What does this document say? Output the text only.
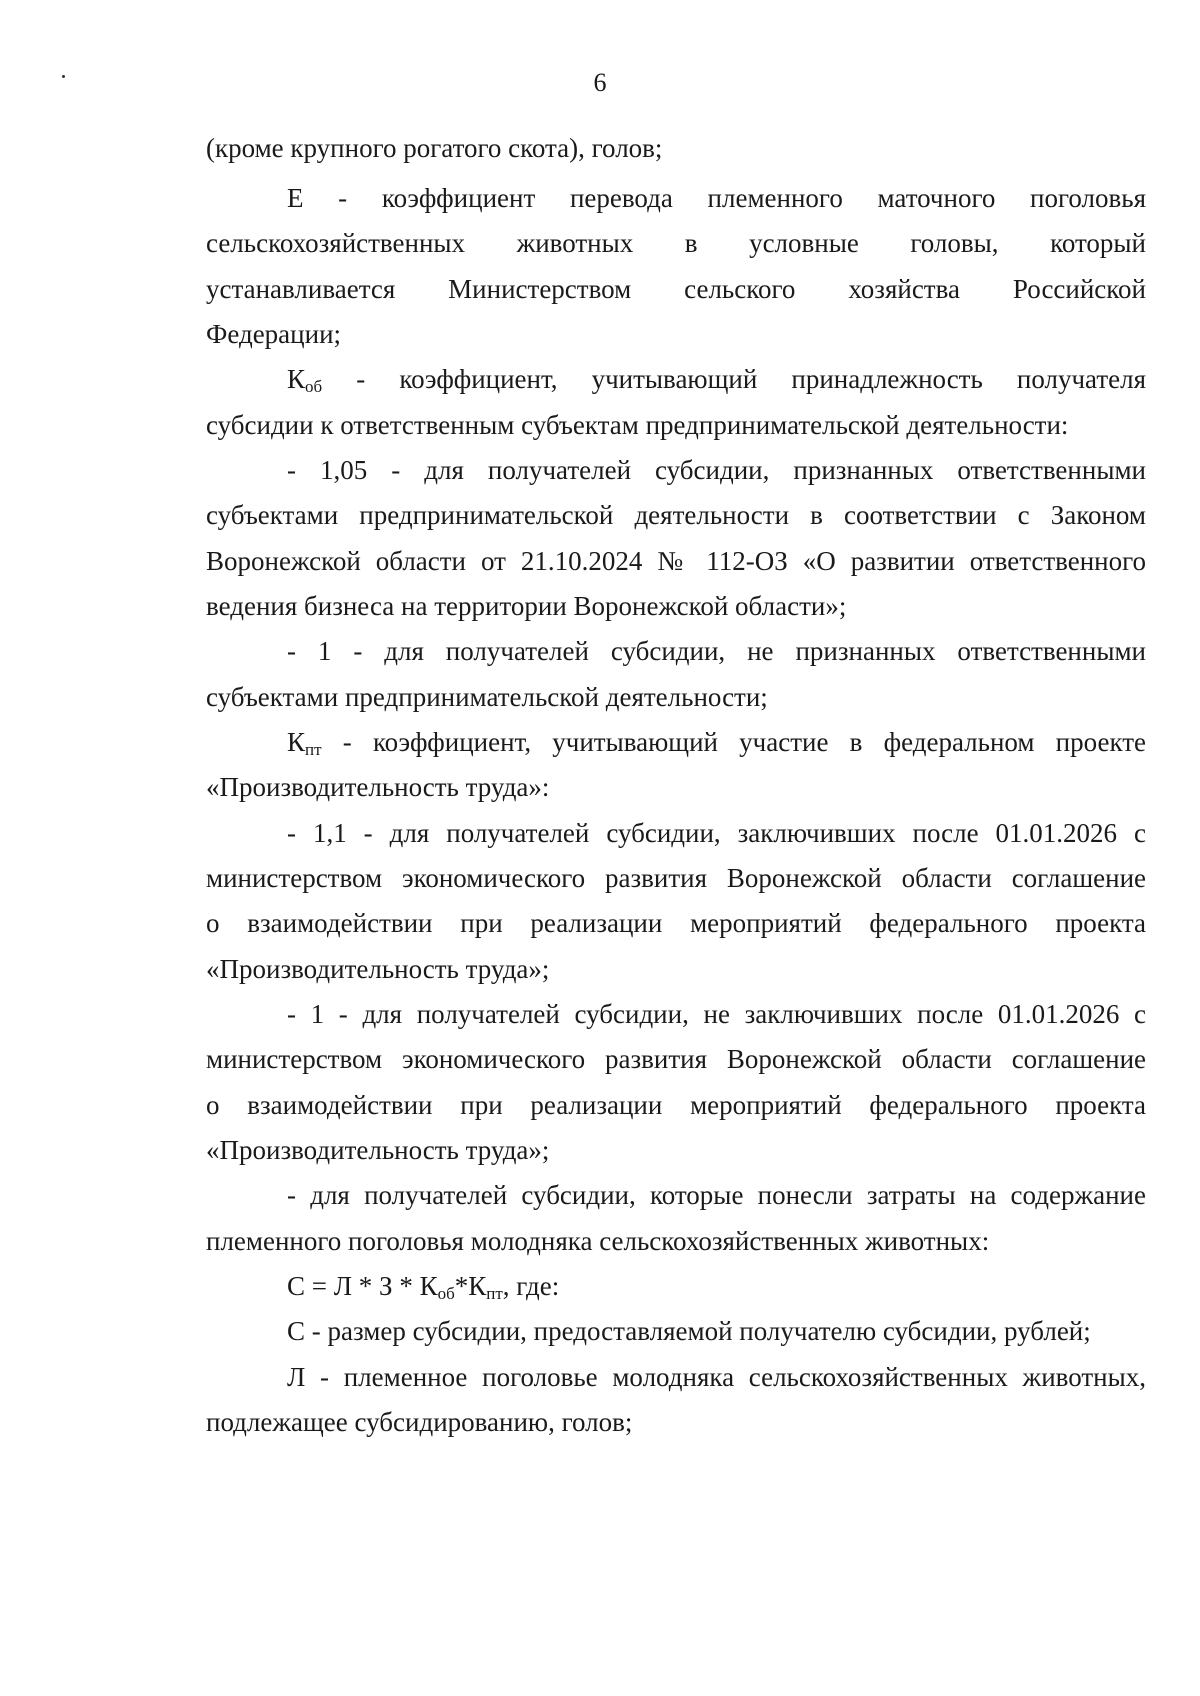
6
(кроме крупного рогатого скота), голов;
Е - коэффициент перевода племенного маточного поголовья
сельскохозяйственных животных в условные головы, который
устанавливается Министерством сельского хозяйства Российской
Федерации;
$К_{об}$ - коэффициент, учитывающий принадлежность получателя
субсидии к ответственным субъектам предпринимательской деятельности:
- 1,05 - для получателей субсидии, признанных ответственными
субъектами предпринимательской деятельности в соответствии с Законом
Воронежской области от 21.10.2024 № 112-ОЗ «О развитии ответственного
ведения бизнеса на территории Воронежской области»;
- 1 - для получателей субсидии, не признанных ответственными
субъектами предпринимательской деятельности;
$К_{пт}$ - коэффициент, учитывающий участие в федеральном проекте
«Производительность труда»:
- 1,1 - для получателей субсидии, заключивших после 01.01.2026 с
министерством экономического развития Воронежской области соглашение
о взаимодействии при реализации мероприятий федерального проекта
«Производительность труда»;
- 1 - для получателей субсидии, не заключивших после 01.01.2026 с
министерством экономического развития Воронежской области соглашение
о взаимодействии при реализации мероприятий федерального проекта
«Производительность труда»;
- для получателей субсидии, которые понесли затраты на содержание
племенного поголовья молодняка сельскохозяйственных животных:
$С = Л * З * К_{об}*К_{пт}$, где:
С - размер субсидии, предоставляемой получателю субсидии, рублей;
Л - племенное поголовье молодняка сельскохозяйственных животных,
подлежащее субсидированию, голов;
